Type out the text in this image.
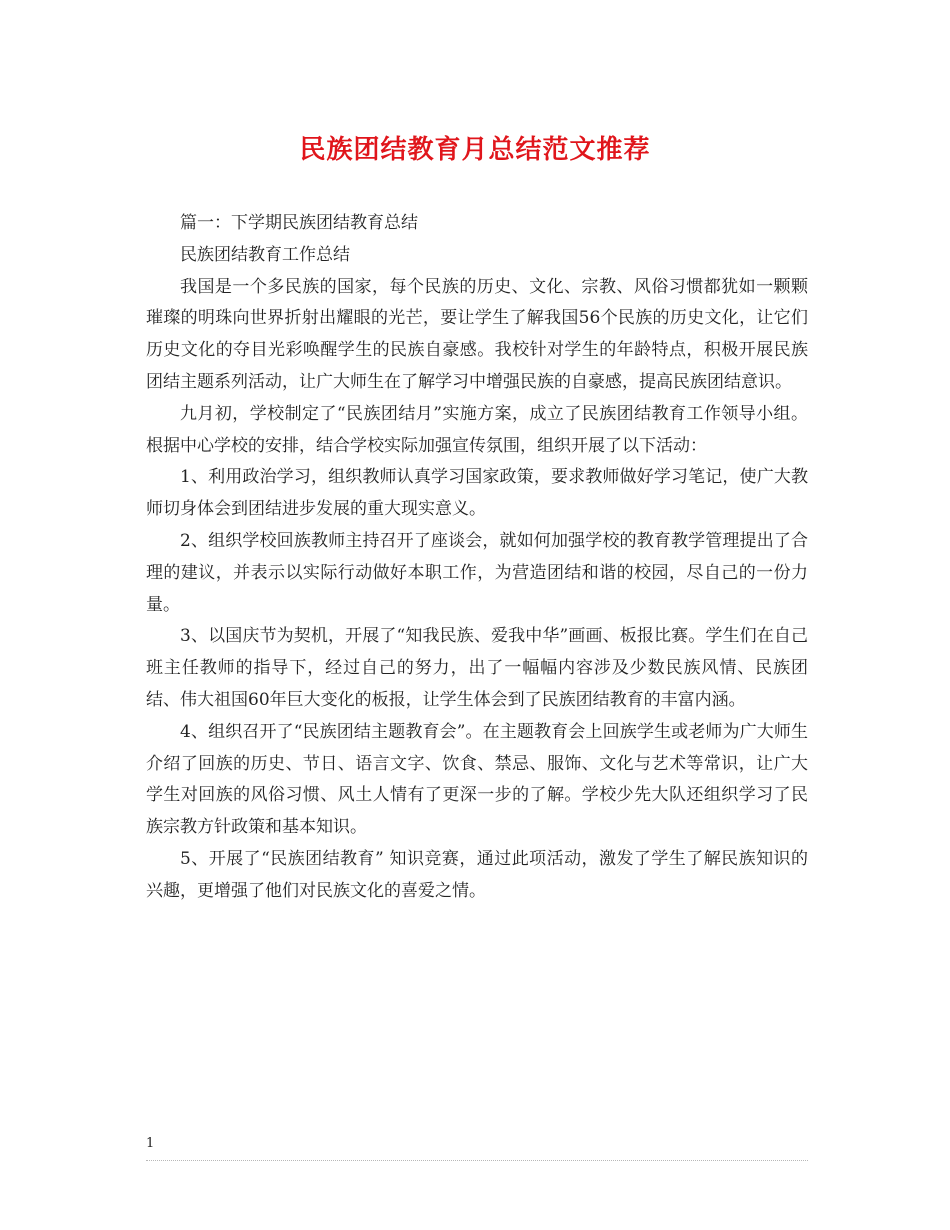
民族团结教育月总结范文推荐

篇一：下学期民族团结教育总结

民族团结教育工作总结

我国是一个多民族的国家，每个民族的历史、文化、宗教、风俗习惯都犹如一颗颗璀璨的明珠向世界折射出耀眼的光芒，要让学生了解我国56个民族的历史文化，让它们历史文化的夺目光彩唤醒学生的民族自豪感。我校针对学生的年龄特点，积极开展民族团结主题系列活动，让广大师生在了解学习中增强民族的自豪感，提高民族团结意识。

九月初，学校制定了“民族团结月”实施方案，成立了民族团结教育工作领导小组。根据中心学校的安排，结合学校实际加强宣传氛围，组织开展了以下活动：

1、利用政治学习，组织教师认真学习国家政策，要求教师做好学习笔记，使广大教师切身体会到团结进步发展的重大现实意义。

2、组织学校回族教师主持召开了座谈会，就如何加强学校的教育教学管理提出了合理的建议，并表示以实际行动做好本职工作，为营造团结和谐的校园，尽自己的一份力量。

3、以国庆节为契机，开展了“知我民族、爱我中华”画画、板报比赛。学生们在自己班主任教师的指导下，经过自己的努力，出了一幅幅内容涉及少数民族风情、民族团结、伟大祖国60年巨大变化的板报，让学生体会到了民族团结教育的丰富内涵。

4、组织召开了“民族团结主题教育会”。在主题教育会上回族学生或老师为广大师生介绍了回族的历史、节日、语言文字、饮食、禁忌、服饰、文化与艺术等常识，让广大学生对回族的风俗习惯、风土人情有了更深一步的了解。学校少先大队还组织学习了民族宗教方针政策和基本知识。

5、开展了“民族团结教育” 知识竞赛，通过此项活动，激发了学生了解民族知识的兴趣，更增强了他们对民族文化的喜爱之情。

1
